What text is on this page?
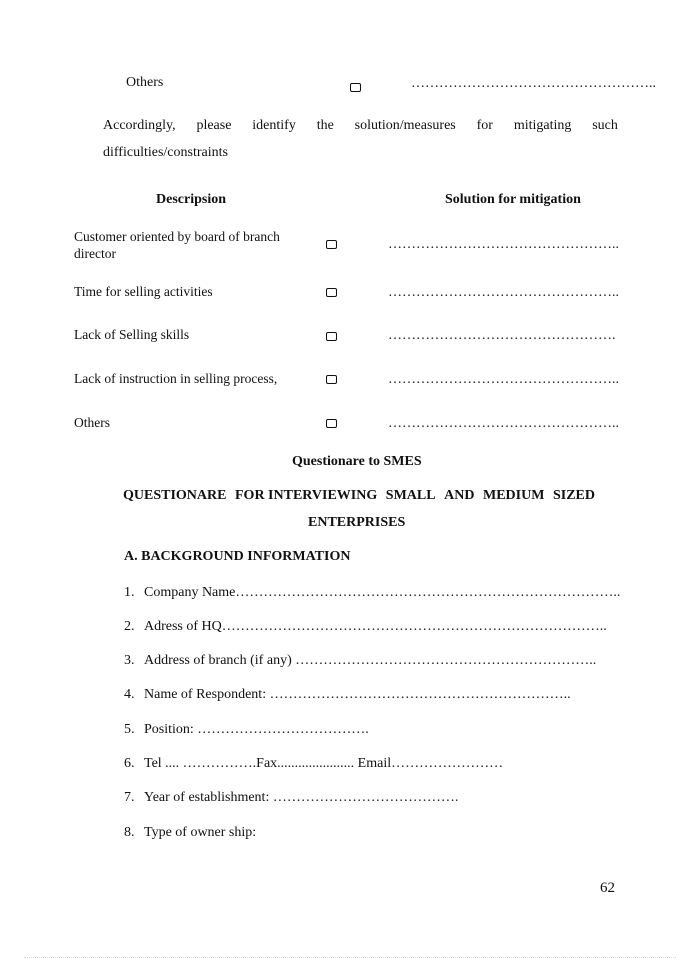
Others	……………………………………………..
Accordingly, please identify the solution/measures for mitigating such
difficulties/constraints
Descripsion	Solution for mitigation
Customer oriented by board of branch
director
…………………………………………..
Time for selling activities	…………………………………………..
Lack of Selling skills	………………………………………….
Lack of instruction in selling process,	…………………………………………..
Others	…………………………………………..
Questionare to SMES
QUESTIONARE FOR INTERVIEWING SMALL AND MEDIUM SIZED
ENTERPRISES
A. BACKGROUND INFORMATION
1. Company Name………………………………………………………………………..
2. Adress of HQ………………………………………………………………………..
3. Address of branch (if any) ………………………………………………………..
4. Name of Respondent: ………………………………………………………..
5. Position: ……………………………….
6. Tel .... …………….Fax...................... Email……………………
7. Year of establishment: ………………………………….
8. Type of owner ship:
62
